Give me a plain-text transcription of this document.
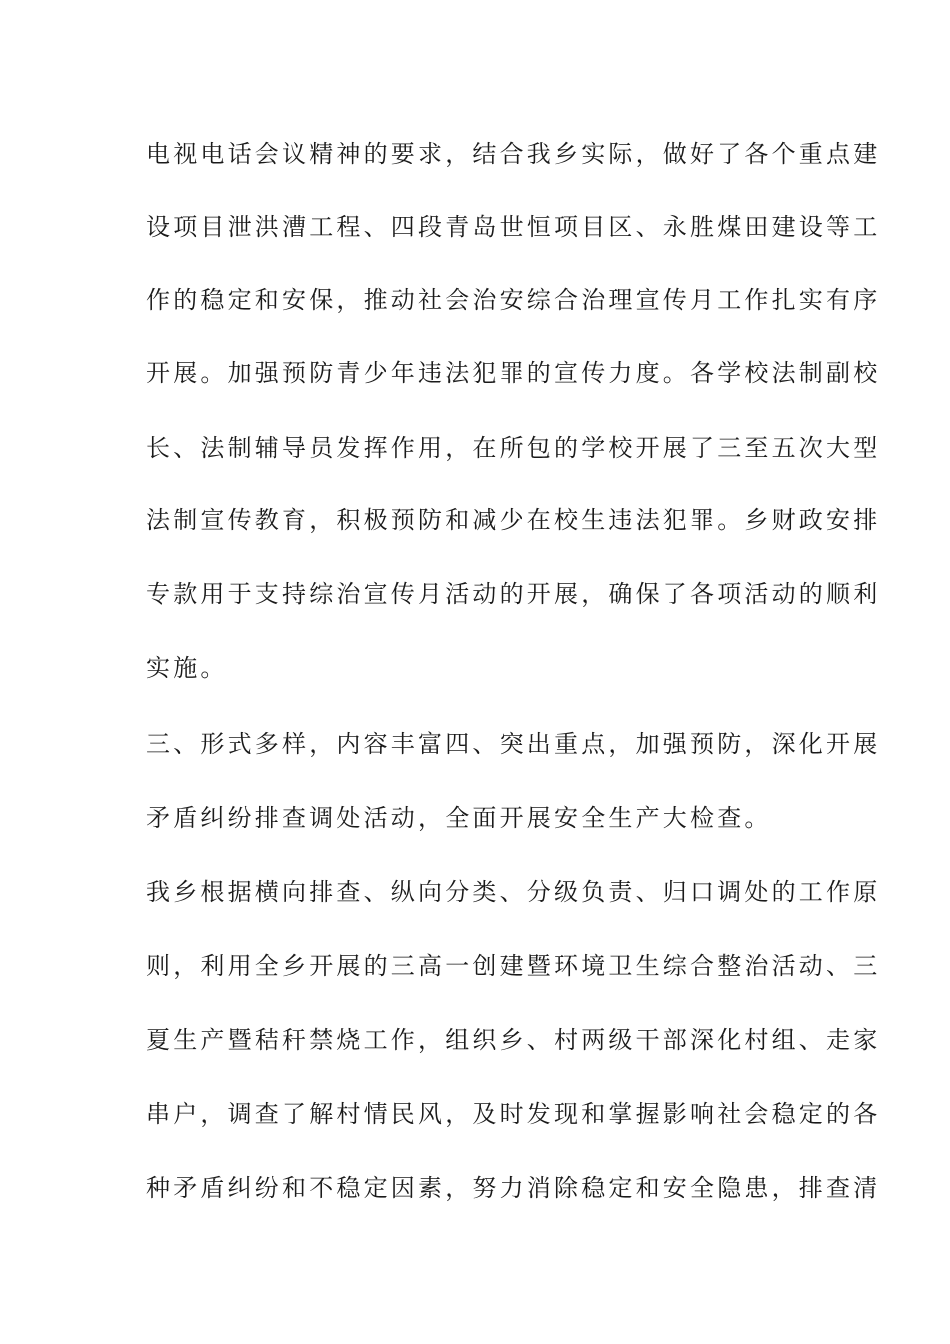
电视电话会议精神的要求，结合我乡实际，做好了各个重点建
设项目泄洪漕工程、四段青岛世恒项目区、永胜煤田建设等工
作的稳定和安保，推动社会治安综合治理宣传月工作扎实有序
开展。加强预防青少年违法犯罪的宣传力度。各学校法制副校
长、法制辅导员发挥作用，在所包的学校开展了三至五次大型
法制宣传教育，积极预防和减少在校生违法犯罪。乡财政安排
专款用于支持综治宣传月活动的开展，确保了各项活动的顺利
实施。
三、形式多样，内容丰富四、突出重点，加强预防，深化开展
矛盾纠纷排查调处活动，全面开展安全生产大检查。
我乡根据横向排查、纵向分类、分级负责、归口调处的工作原
则，利用全乡开展的三高一创建暨环境卫生综合整治活动、三
夏生产暨秸秆禁烧工作，组织乡、村两级干部深化村组、走家
串户，调查了解村情民风，及时发现和掌握影响社会稳定的各
种矛盾纠纷和不稳定因素，努力消除稳定和安全隐患，排查清
